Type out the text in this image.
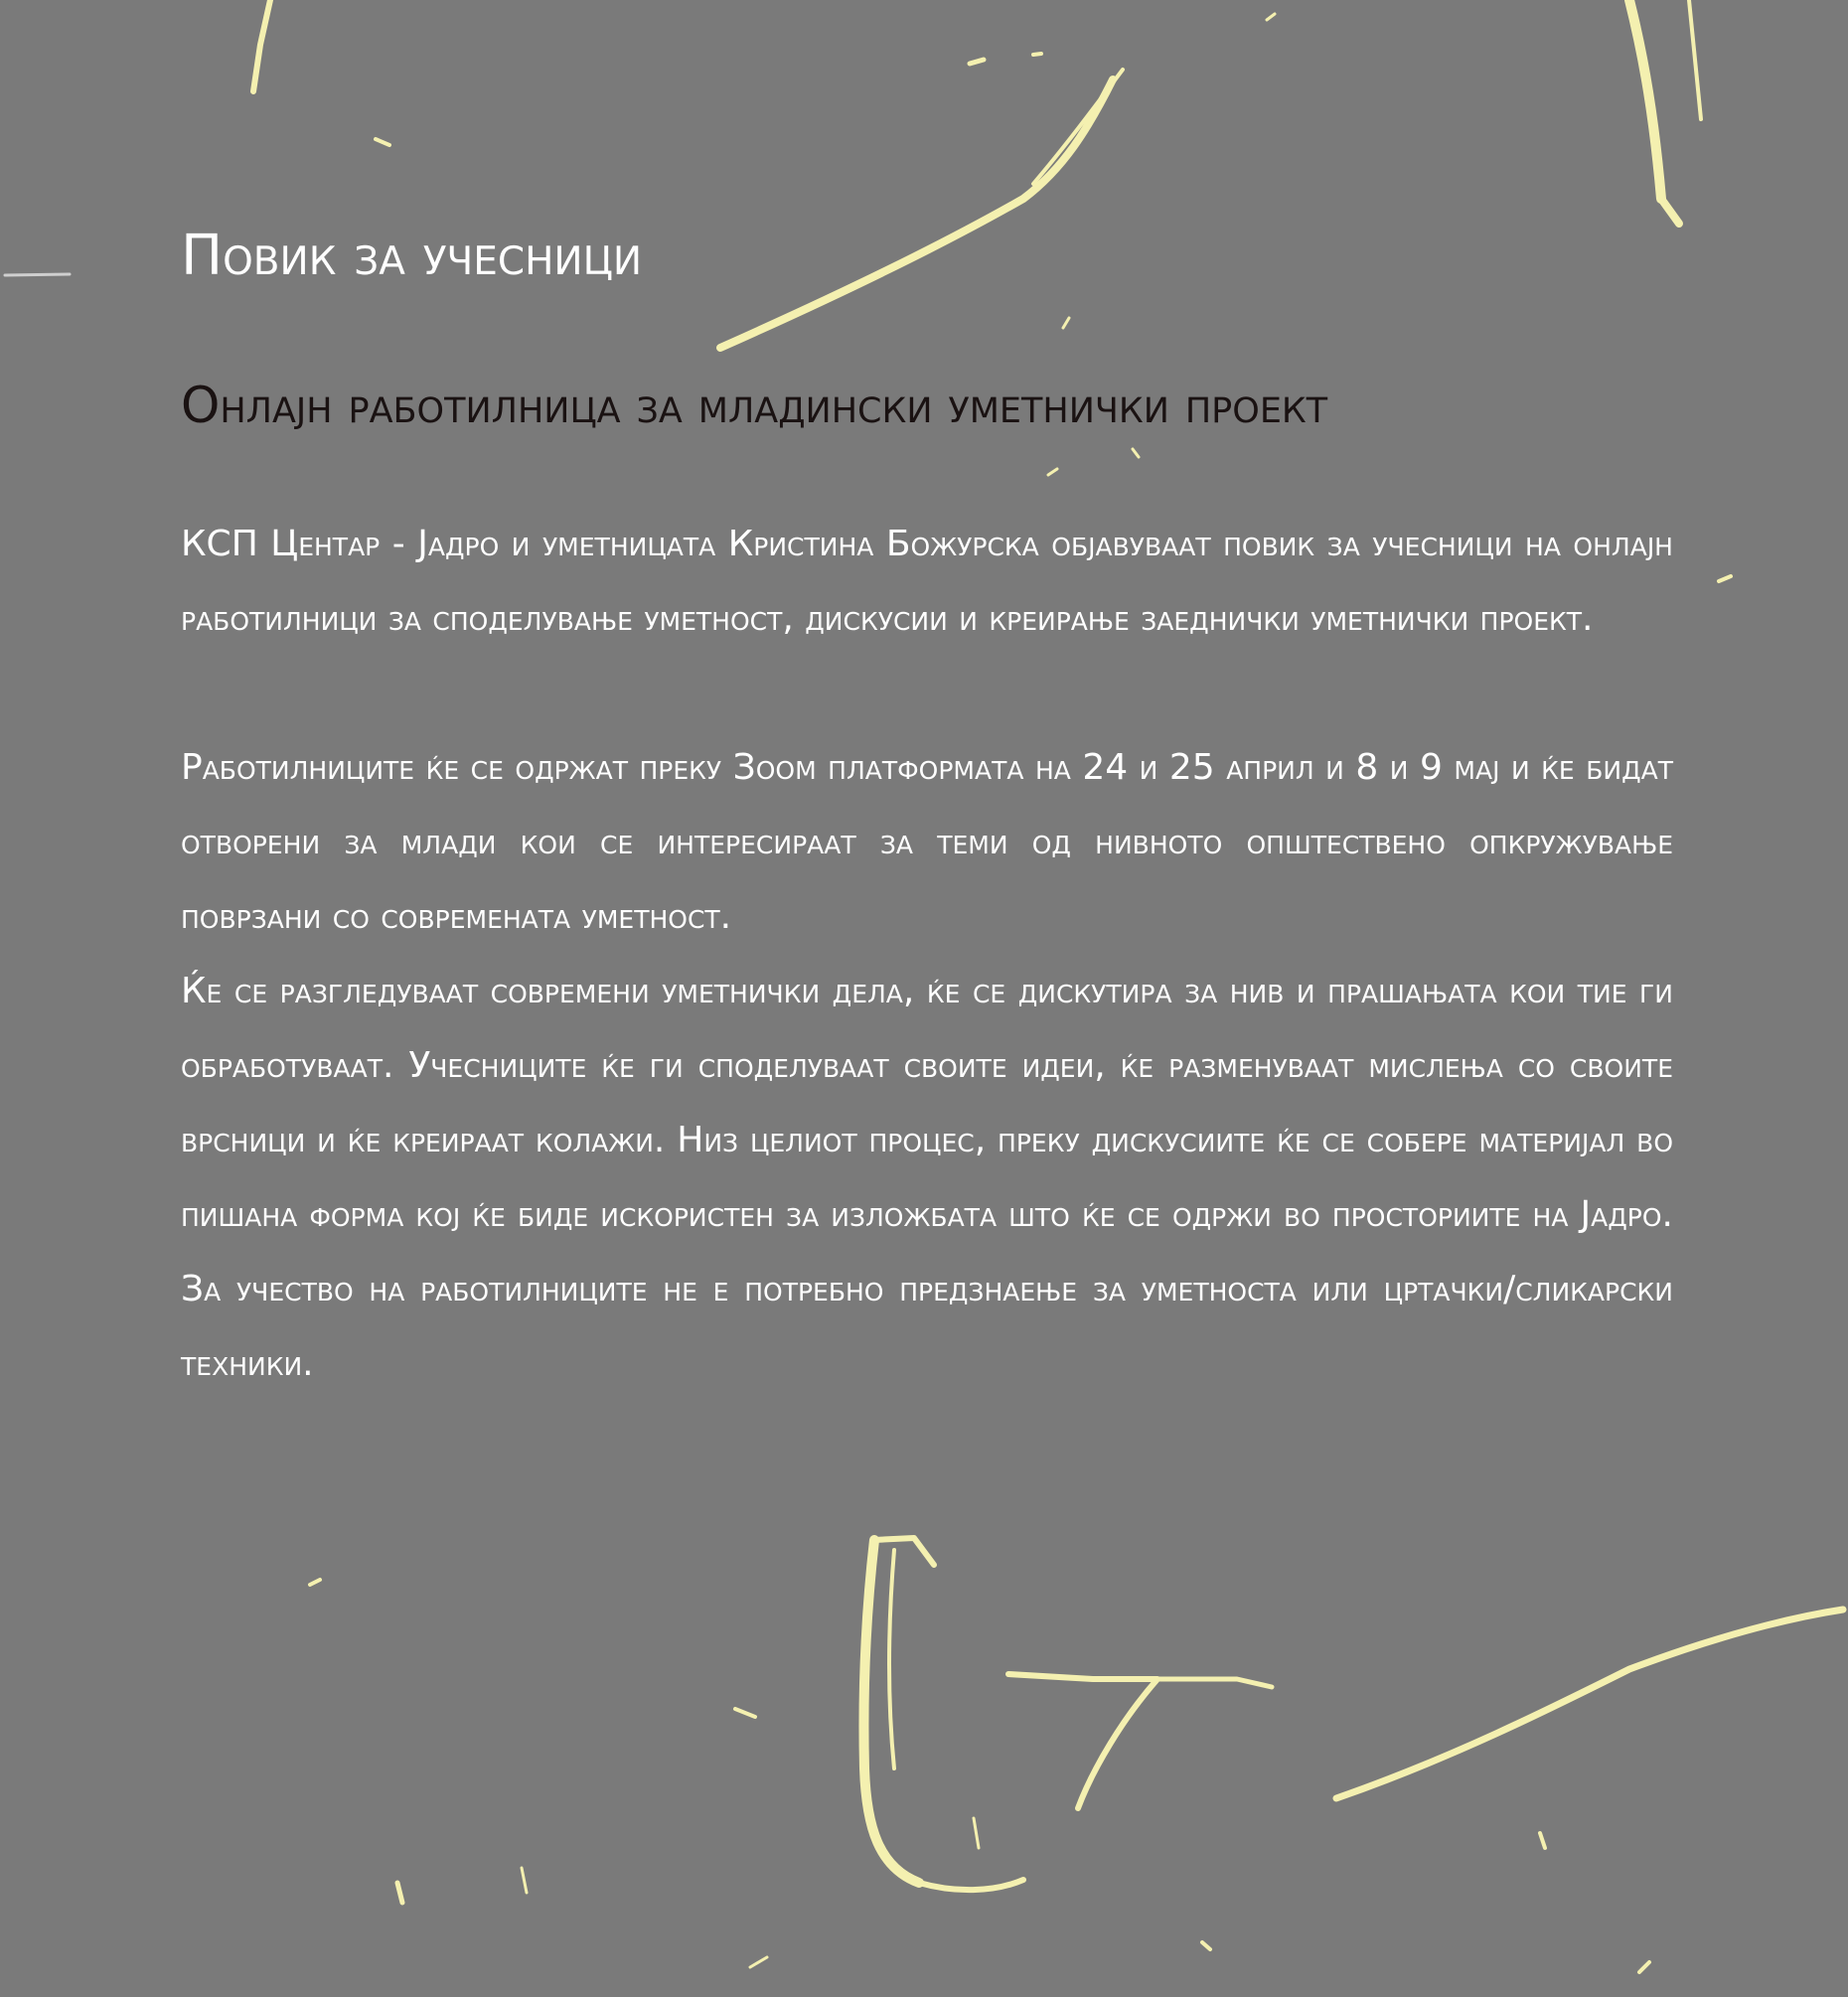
Повик за учесници
Онлајн работилница за младински уметнички проект

КСП Центар - Јадро и уметницата Кристина Божурска објавуваат повик за учесници на онлајн работилници за споделување уметност, дискусии и креирање заеднички уметнички проект.

Работилниците ќе се одржат преку Зоом платформата на 24 и 25 април и 8 и 9 мај и ќе бидат отворени за млади кои се интересираат за теми од нивното општествено опкружување поврзани со современата уметност.

Ќе се разгледуваат современи уметнички дела, ќе се дискутира за нив и прашањата кои тие ги обработуваат. Учесниците ќе ги споделуваат своите идеи, ќе разменуваат мислења со своите врсници и ќе креираат колажи. Низ целиот процес, преку дискусиите ќе се собере материјал во пишана форма кој ќе биде искористен за изложбата што ќе се одржи во просториите на Јадро. За учество на работилниците не е потребно предзнаење за уметноста или цртачки/сликарски техники.
